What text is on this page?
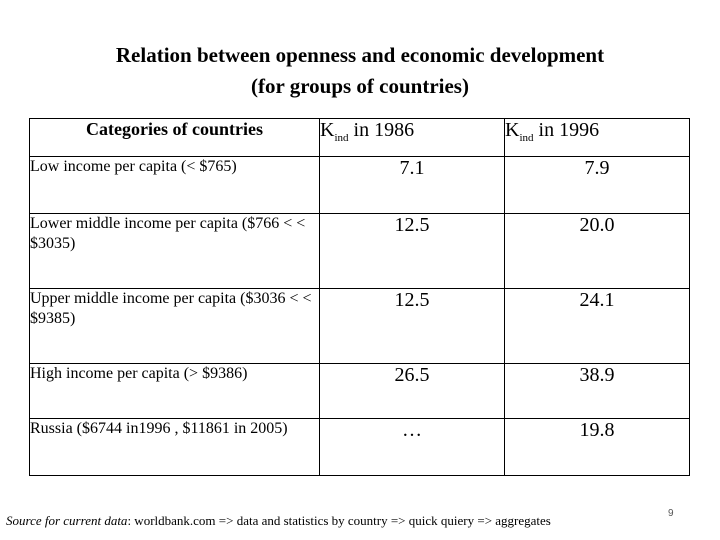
Relation between openness and economic development
(for groups of countries)
Categories of countries	$K_{ind}$ in 1986	$K_{ind}$ in 1996
Low income per capita (< $765)	7.1	7.9
Lower middle income per capita ($766 < < $3035)	12.5	20.0
Upper middle income per capita ($3036 < < $9385)	12.5	24.1
High income per capita (> $9386)	26.5	38.9
Russia ($6744 in1996 , $11861 in 2005)	…	19.8
Source for current data: worldbank.com => data and statistics by country => quick quiery => aggregates	9
